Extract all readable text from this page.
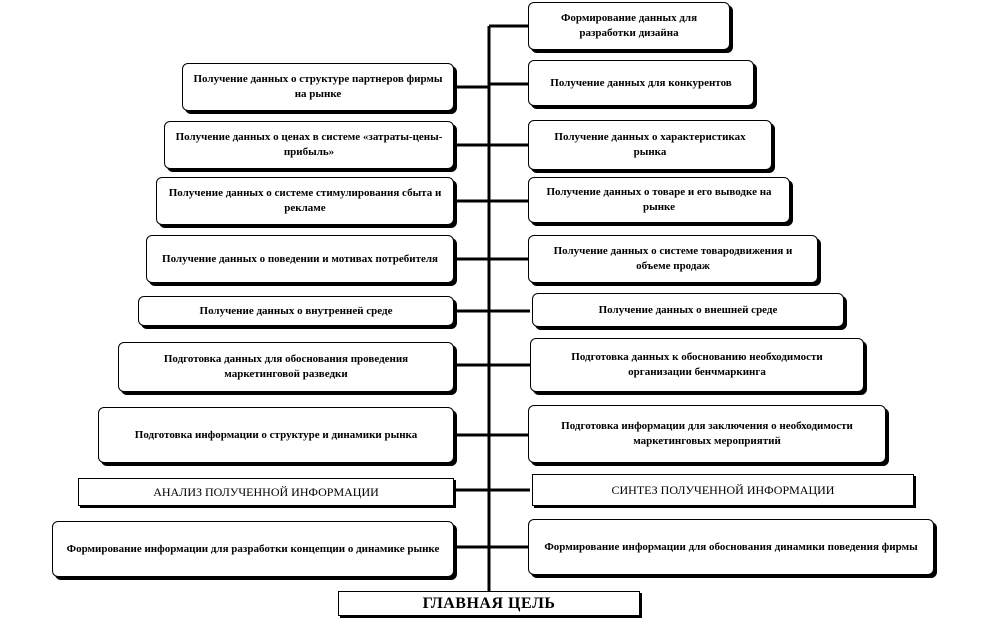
Формирование данных для разработки дизайна
Получение данных для конкурентов
Получение данных о характеристиках рынка
Получение данных о товаре и его выводке на рынке
Получение данных о системе товародвижения и объеме продаж
Получение данных о внешней среде
Подготовка данных к обоснованию необходимости организации бенчмаркинга
Подготовка информации для заключения о необходимости маркетинговых мероприятий
СИНТЕЗ ПОЛУЧЕННОЙ ИНФОРМАЦИИ
Формирование информации для обоснования динамики поведения фирмы
Получение данных о структуре партнеров фирмы на рынке
Получение данных о ценах в системе «затраты-цены-прибыль»
Получение данных о системе стимулирования сбыта и рекламе
Получение данных о поведении и мотивах потребителя
Получение данных о внутренней среде
Подготовка данных для обоснования проведения маркетинговой разведки
Подготовка информации о структуре и динамики рынка
АНАЛИЗ ПОЛУЧЕННОЙ ИНФОРМАЦИИ
Формирование информации для разработки концепции о динамике рынке
ГЛАВНАЯ ЦЕЛЬ
